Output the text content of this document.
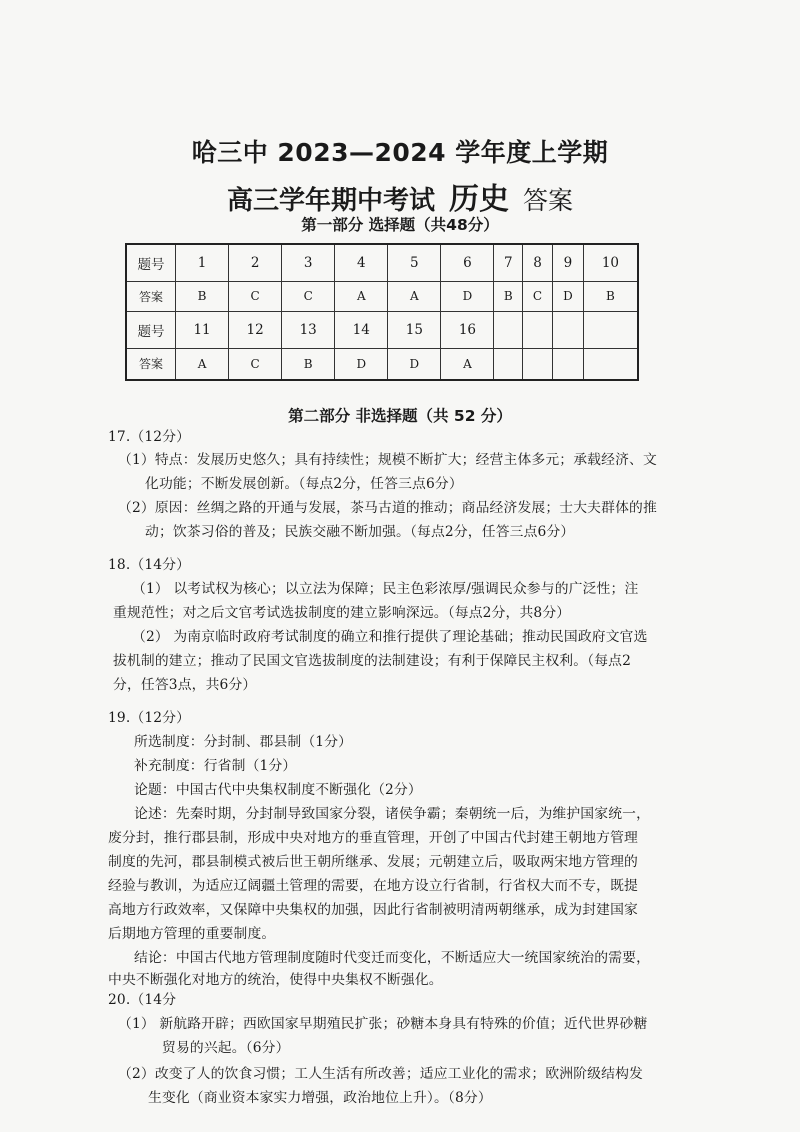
哈三中 2023—2024 学年度上学期
高三学年期中考试 历史 答案
第一部分 选择题（共48分）
题号	1	2	3	4	5	6	7	8	9	10
答案	B	C	C	A	A	D	B	C	D	B
题号	11	12	13	14	15	16				
答案	A	C	B	D	D	A				
第二部分 非选择题（共 52 分）
17.（12分）
（1）特点：发展历史悠久；具有持续性；规模不断扩大；经营主体多元；承载经济、文
化功能；不断发展创新。（每点2分，任答三点6分）
（2）原因：丝绸之路的开通与发展，茶马古道的推动；商品经济发展；士大夫群体的推
动；饮茶习俗的普及；民族交融不断加强。（每点2分，任答三点6分）
18.（14分）
（1） 以考试权为核心；以立法为保障；民主色彩浓厚/强调民众参与的广泛性；注
重规范性；对之后文官考试选拔制度的建立影响深远。（每点2分，共8分）
（2） 为南京临时政府考试制度的确立和推行提供了理论基础；推动民国政府文官选
拔机制的建立；推动了民国文官选拔制度的法制建设；有利于保障民主权利。（每点2
分，任答3点，共6分）
19.（12分）
所选制度：分封制、郡县制（1分）
补充制度：行省制（1分）
论题：中国古代中央集权制度不断强化（2分）
论述：先秦时期，分封制导致国家分裂，诸侯争霸；秦朝统一后，为维护国家统一，
废分封，推行郡县制，形成中央对地方的垂直管理，开创了中国古代封建王朝地方管理
制度的先河，郡县制模式被后世王朝所继承、发展；元朝建立后，吸取两宋地方管理的
经验与教训，为适应辽阔疆土管理的需要，在地方设立行省制，行省权大而不专，既提
高地方行政效率，又保障中央集权的加强，因此行省制被明清两朝继承，成为封建国家
后期地方管理的重要制度。
结论：中国古代地方管理制度随时代变迁而变化，不断适应大一统国家统治的需要，
中央不断强化对地方的统治，使得中央集权不断强化。
20.（14分
（1） 新航路开辟；西欧国家早期殖民扩张；砂糖本身具有特殊的价值；近代世界砂糖
贸易的兴起。（6分）
（2）改变了人的饮食习惯；工人生活有所改善；适应工业化的需求；欧洲阶级结构发
生变化（商业资本家实力增强，政治地位上升）。（8分）
